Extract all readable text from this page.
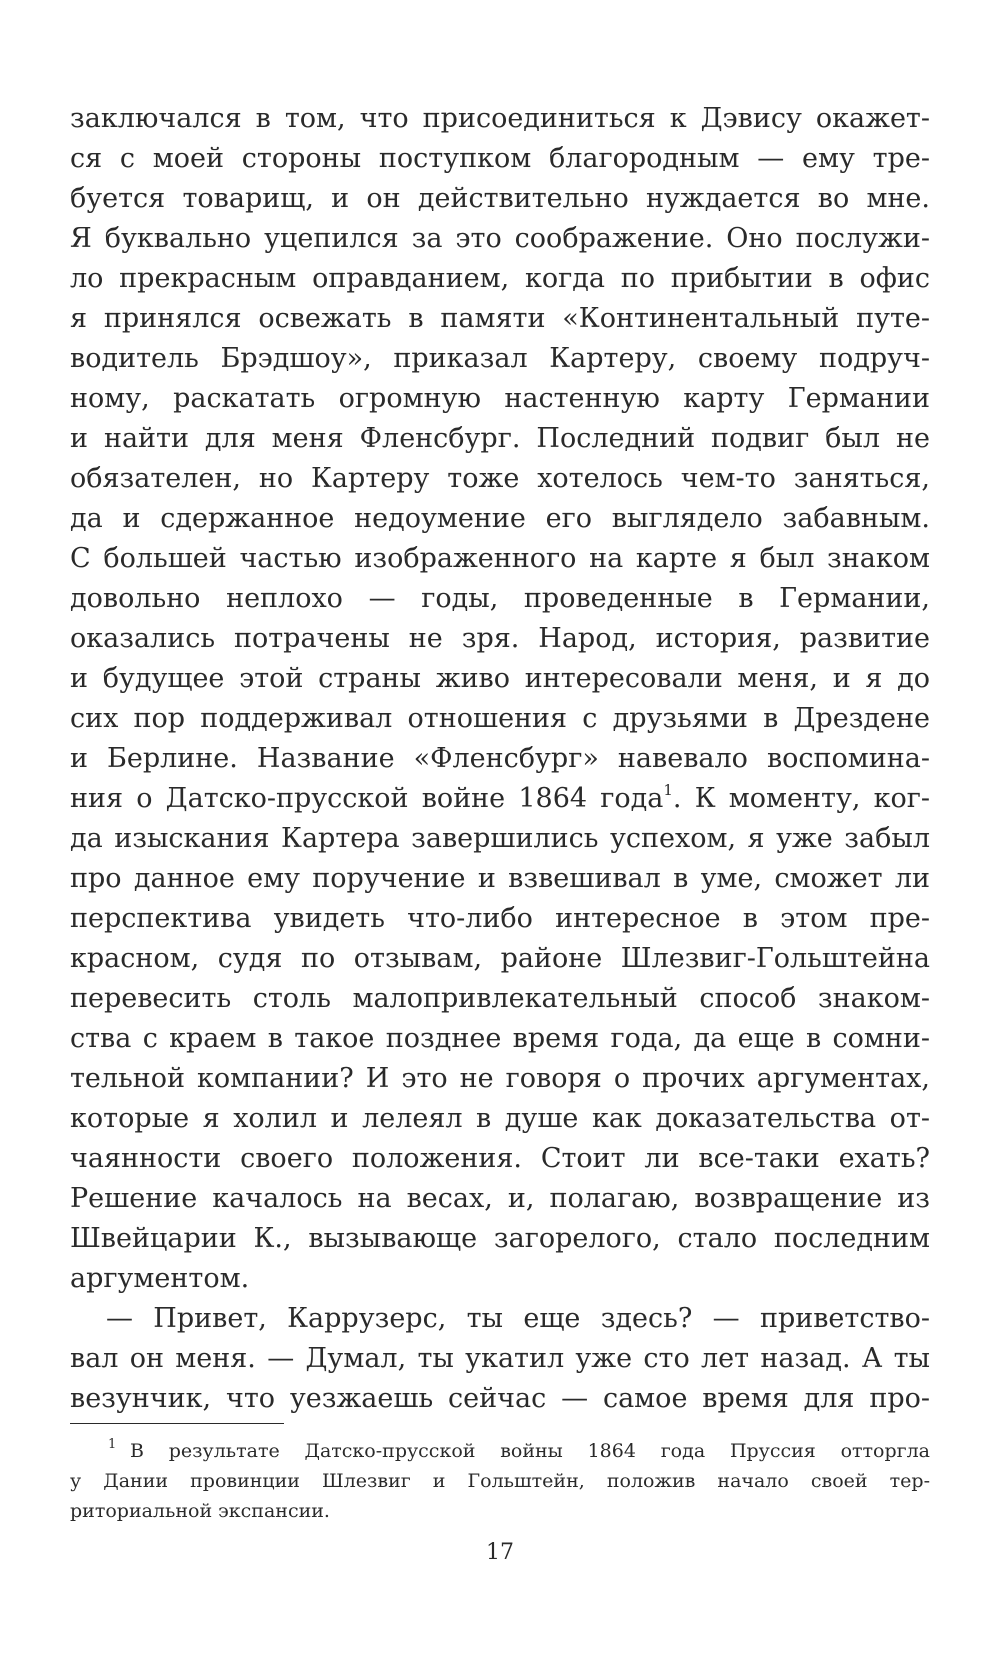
заключался в том, что присоединиться к Дэвису окажет-
ся с моей стороны поступком благородным — ему тре-
буется товарищ, и он действительно нуждается во мне.
Я буквально уцепился за это соображение. Оно послужи-
ло прекрасным оправданием, когда по прибытии в офис
я принялся освежать в памяти «Континентальный путе-
водитель Брэдшоу», приказал Картеру, своему подруч-
ному, раскатать огромную настенную карту Германии
и найти для меня Фленсбург. Последний подвиг был не
обязателен, но Картеру тоже хотелось чем-то заняться,
да и сдержанное недоумение его выглядело забавным.
С большей частью изображенного на карте я был знаком
довольно неплохо — годы, проведенные в Германии,
оказались потрачены не зря. Народ, история, развитие
и будущее этой страны живо интересовали меня, и я до
сих пор поддерживал отношения с друзьями в Дрездене
и Берлине. Название «Фленсбург» навевало воспомина-
ния о Датско-прусской войне 1864 года$^1$. К моменту, ког-
да изыскания Картера завершились успехом, я уже забыл
про данное ему поручение и взвешивал в уме, сможет ли
перспектива увидеть что-либо интересное в этом пре-
красном, судя по отзывам, районе Шлезвиг-Гольштейна
перевесить столь малопривлекательный способ знаком-
ства с краем в такое позднее время года, да еще в сомни-
тельной компании? И это не говоря о прочих аргументах,
которые я холил и лелеял в душе как доказательства от-
чаянности своего положения. Стоит ли все-таки ехать?
Решение качалось на весах, и, полагаю, возвращение из
Швейцарии К., вызывающе загорелого, стало последним
аргументом.
— Привет, Каррузерс, ты еще здесь? — приветство-
вал он меня. — Думал, ты укатил уже сто лет назад. А ты
везунчик, что уезжаешь сейчас — самое время для про-
1 В результате Датско-прусской войны 1864 года Пруссия отторгла
у Дании провинции Шлезвиг и Гольштейн, положив начало своей тер-
риториальной экспансии.
17
